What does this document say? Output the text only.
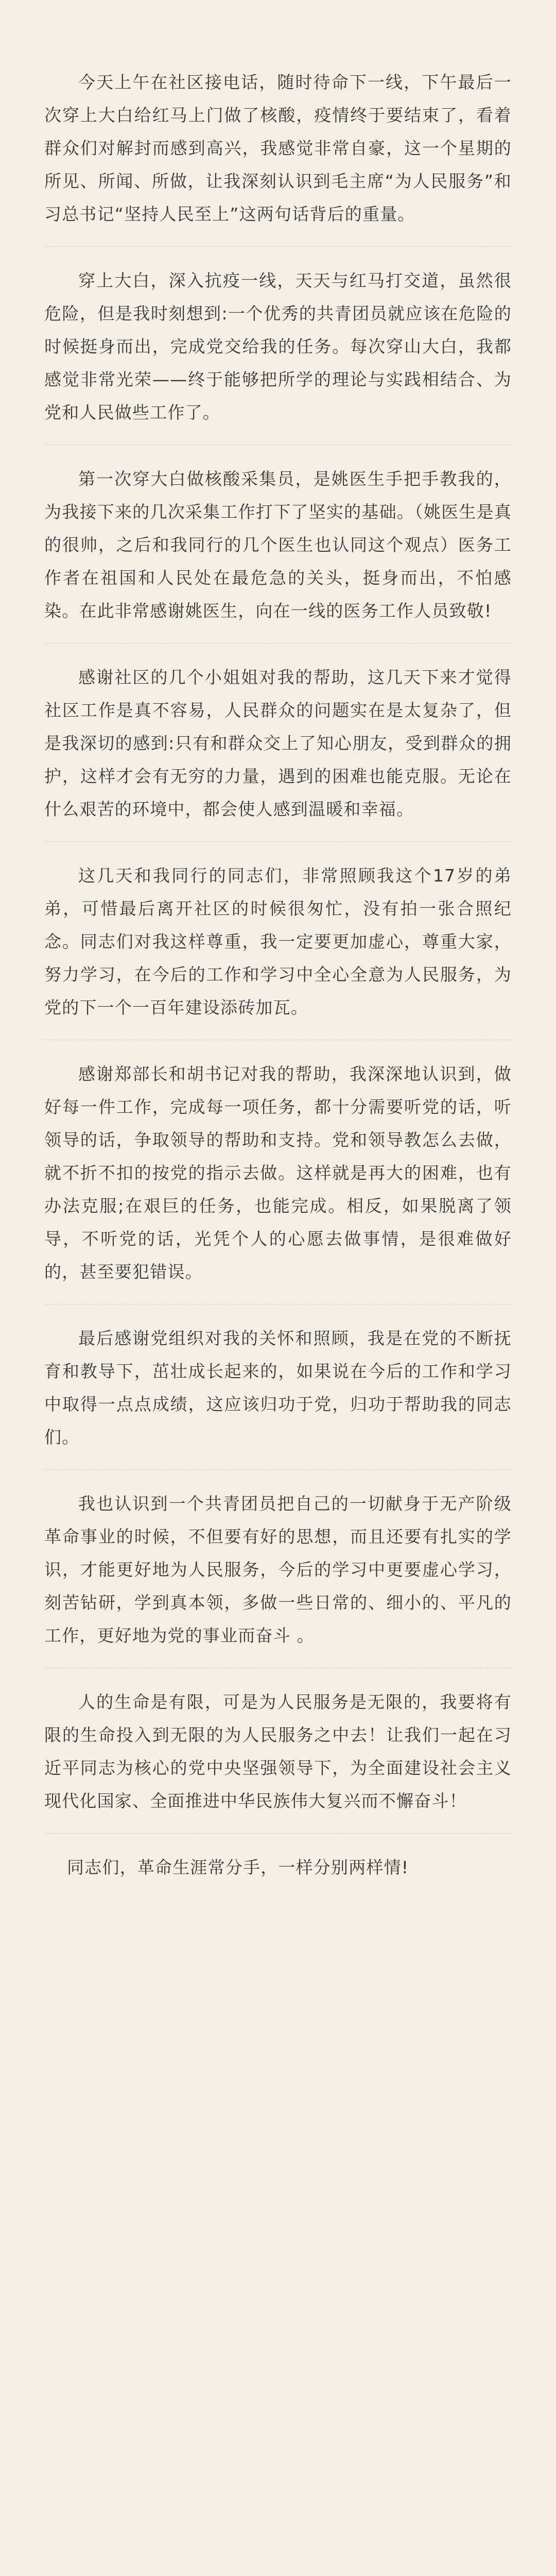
今天上午在社区接电话，随时待命下一线，下午最后一次穿上大白给红马上门做了核酸，疫情终于要结束了，看着群众们对解封而感到高兴，我感觉非常自豪，这一个星期的所见、所闻、所做，让我深刻认识到毛主席“为人民服务”和习总书记“坚持人民至上”这两句话背后的重量。

穿上大白，深入抗疫一线，天天与红马打交道，虽然很危险，但是我时刻想到:一个优秀的共青团员就应该在危险的时候挺身而出，完成党交给我的任务。每次穿山大白，我都感觉非常光荣——终于能够把所学的理论与实践相结合、为党和人民做些工作了。

第一次穿大白做核酸采集员，是姚医生手把手教我的，为我接下来的几次采集工作打下了坚实的基础。（姚医生是真的很帅，之后和我同行的几个医生也认同这个观点）医务工作者在祖国和人民处在最危急的关头，挺身而出，不怕感染。在此非常感谢姚医生，向在一线的医务工作人员致敬!

感谢社区的几个小姐姐对我的帮助，这几天下来才觉得社区工作是真不容易，人民群众的问题实在是太复杂了，但是我深切的感到:只有和群众交上了知心朋友，受到群众的拥护，这样才会有无穷的力量，遇到的困难也能克服。无论在什么艰苦的环境中，都会使人感到温暖和幸福。

这几天和我同行的同志们，非常照顾我这个17岁的弟弟，可惜最后离开社区的时候很匆忙，没有拍一张合照纪念。同志们对我这样尊重，我一定要更加虚心，尊重大家，努力学习，在今后的工作和学习中全心全意为人民服务，为党的下一个一百年建设添砖加瓦。

感谢郑部长和胡书记对我的帮助，我深深地认识到，做好每一件工作，完成每一项任务，都十分需要听党的话，听领导的话，争取领导的帮助和支持。党和领导教怎么去做，就不折不扣的按党的指示去做。这样就是再大的困难，也有办法克服;在艰巨的任务，也能完成。相反，如果脱离了领导，不听党的话，光凭个人的心愿去做事情，是很难做好的，甚至要犯错误。

最后感谢党组织对我的关怀和照顾，我是在党的不断抚育和教导下，茁壮成长起来的，如果说在今后的工作和学习中取得一点点成绩，这应该归功于党，归功于帮助我的同志们。

我也认识到一个共青团员把自己的一切献身于无产阶级革命事业的时候，不但要有好的思想，而且还要有扎实的学识，才能更好地为人民服务，今后的学习中更要虚心学习，刻苦钻研，学到真本领，多做一些日常的、细小的、平凡的工作，更好地为党的事业而奋斗 。

人的生命是有限，可是为人民服务是无限的，我要将有限的生命投入到无限的为人民服务之中去！让我们一起在习近平同志为核心的党中央坚强领导下，为全面建设社会主义现代化国家、全面推进中华民族伟大复兴而不懈奋斗！

同志们，革命生涯常分手，一样分别两样情!
